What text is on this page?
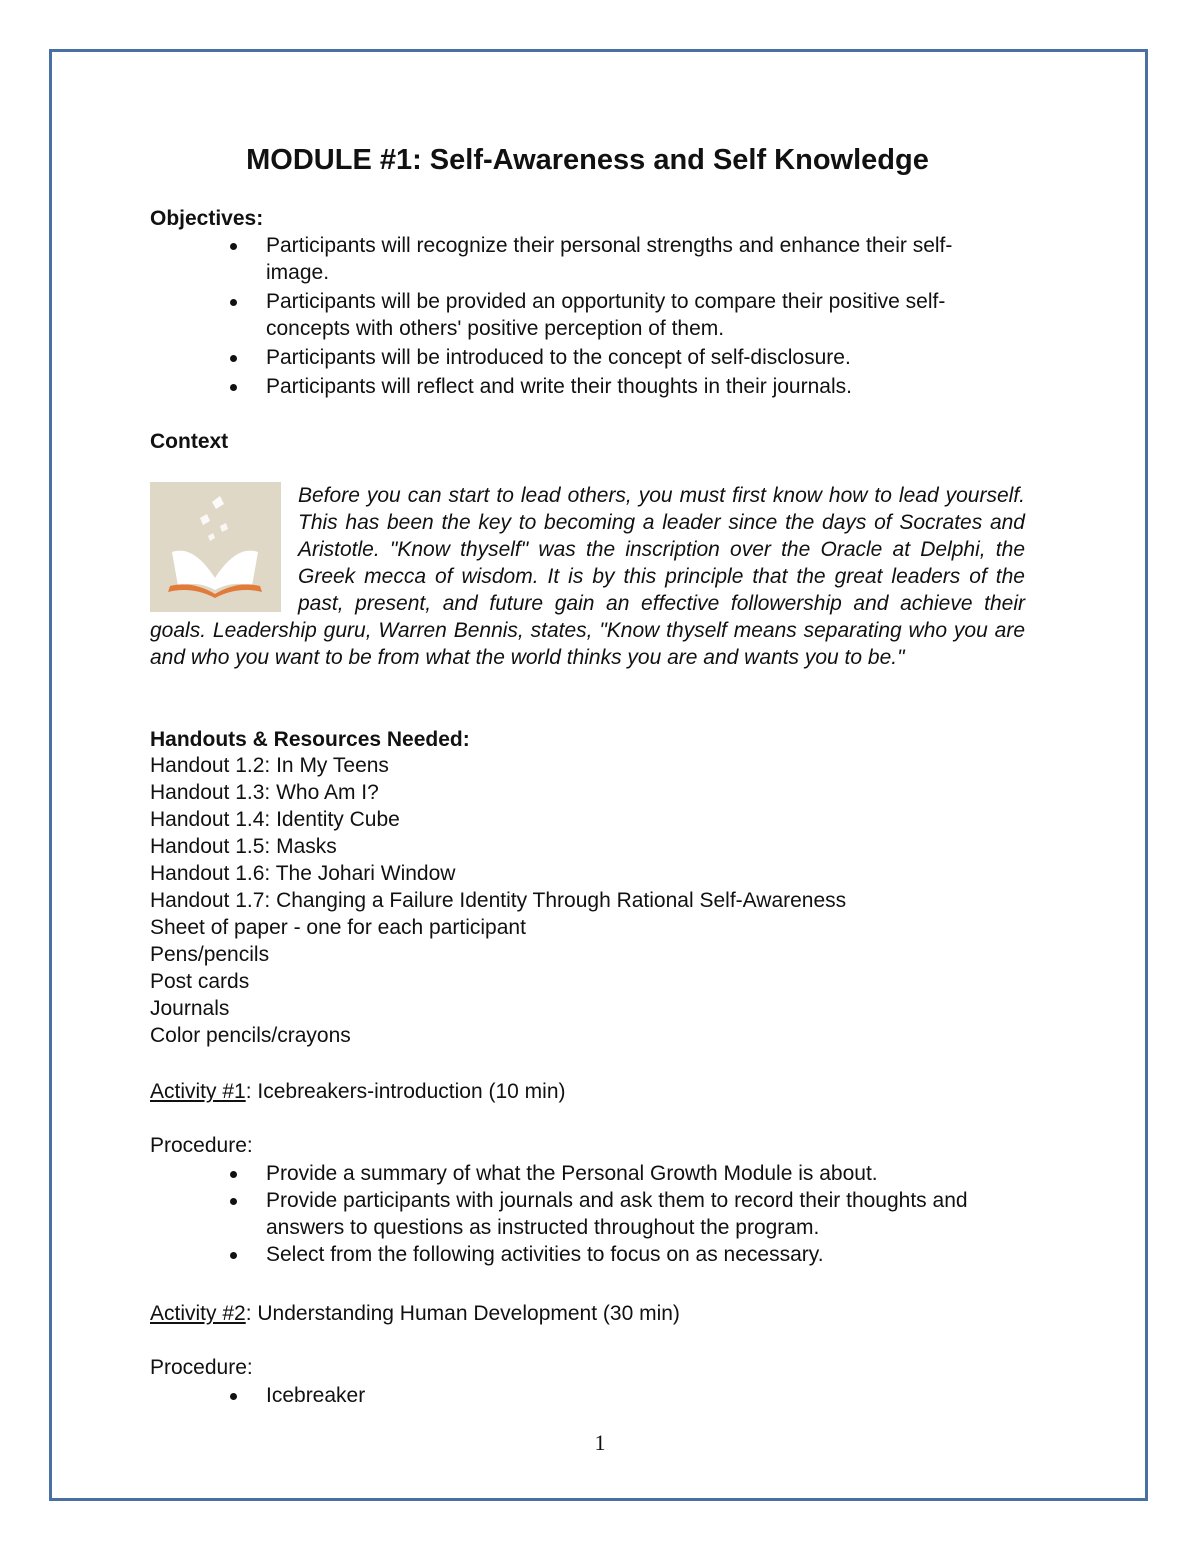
MODULE #1: Self-Awareness and Self Knowledge

Objectives:

Participants will recognize their personal strengths and enhance their self-image.
Participants will be provided an opportunity to compare their positive self-concepts with others' positive perception of them.
Participants will be introduced to the concept of self-disclosure.
Participants will reflect and write their thoughts in their journals.

Context

Before you can start to lead others, you must first know how to lead yourself. This has been the key to becoming a leader since the days of Socrates and Aristotle. "Know thyself" was the inscription over the Oracle at Delphi, the Greek mecca of wisdom. It is by this principle that the great leaders of the past, present, and future gain an effective followership and achieve their goals. Leadership guru, Warren Bennis, states, "Know thyself means separating who you are and who you want to be from what the world thinks you are and wants you to be."

Handouts & Resources Needed:

Handout 1.2: In My Teens
Handout 1.3: Who Am I?
Handout 1.4: Identity Cube
Handout 1.5: Masks
Handout 1.6: The Johari Window
Handout 1.7: Changing a Failure Identity Through Rational Self-Awareness
Sheet of paper - one for each participant
Pens/pencils
Post cards
Journals
Color pencils/crayons

Activity #1: Icebreakers-introduction (10 min)

Procedure:

Provide a summary of what the Personal Growth Module is about.
Provide participants with journals and ask them to record their thoughts and answers to questions as instructed throughout the program.
Select from the following activities to focus on as necessary.

Activity #2: Understanding Human Development (30 min)

Procedure:

Icebreaker
1
